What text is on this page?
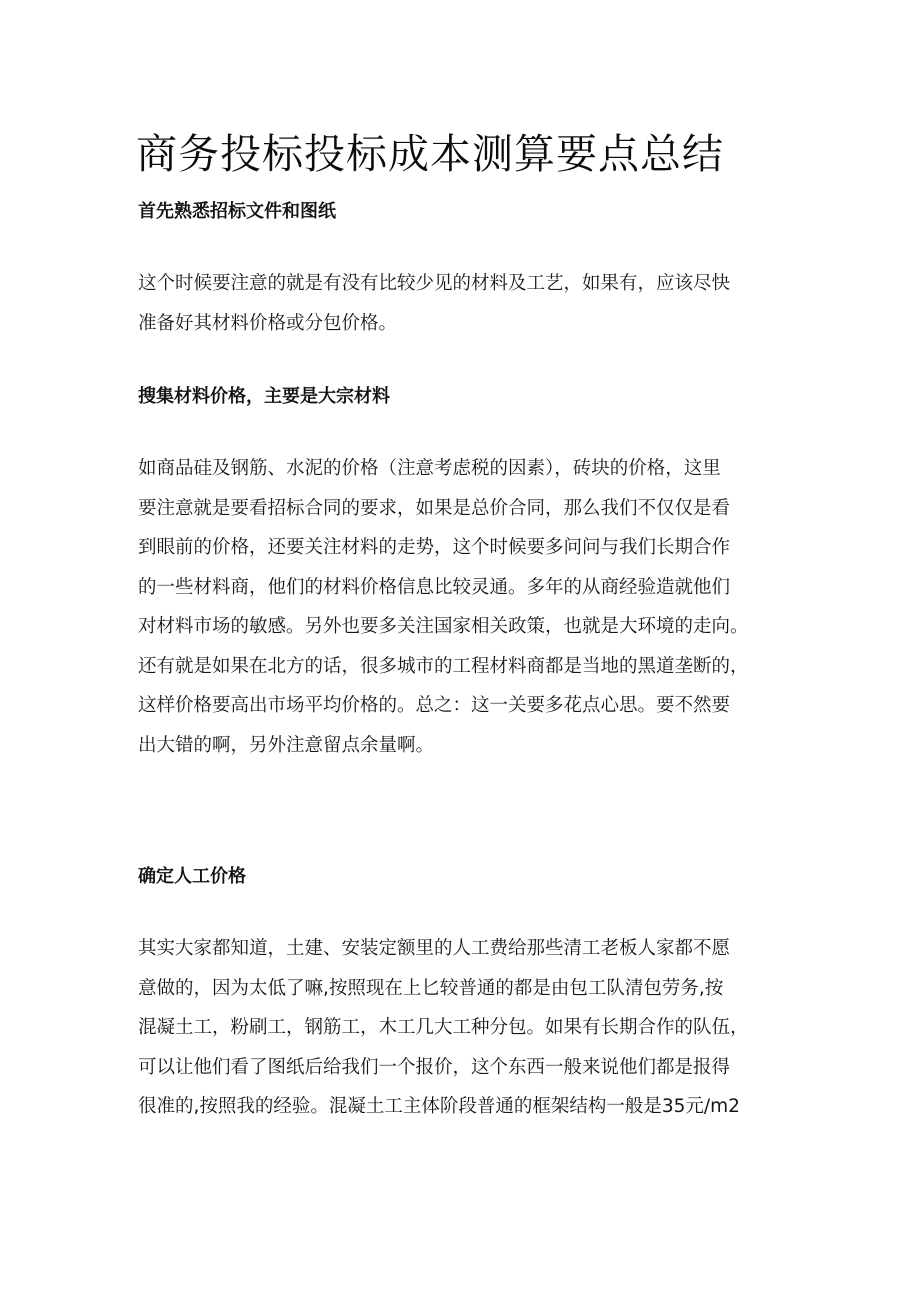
商务投标投标成本测算要点总结
首先熟悉招标文件和图纸
这个时候要注意的就是有没有比较少见的材料及工艺，如果有，应该尽快
准备好其材料价格或分包价格。
搜集材料价格，主要是大宗材料
如商品硅及钢筋、水泥的价格（注意考虑税的因素），砖块的价格，这里
要注意就是要看招标合同的要求，如果是总价合同，那么我们不仅仅是看
到眼前的价格，还要关注材料的走势，这个时候要多问问与我们长期合作
的一些材料商，他们的材料价格信息比较灵通。多年的从商经验造就他们
对材料市场的敏感。另外也要多关注国家相关政策，也就是大环境的走向。
还有就是如果在北方的话，很多城市的工程材料商都是当地的黑道垄断的，
这样价格要高出市场平均价格的。总之：这一关要多花点心思。要不然要
出大错的啊，另外注意留点余量啊。
确定人工价格
其实大家都知道，土建、安装定额里的人工费给那些清工老板人家都不愿
意做的，因为太低了嘛,按照现在上匕较普通的都是由包工队清包劳务,按
混凝土工，粉刷工，钢筋工，木工几大工种分包。如果有长期合作的队伍，
可以让他们看了图纸后给我们一个报价，这个东西一般来说他们都是报得
很准的,按照我的经验。混凝土工主体阶段普通的框架结构一般是35元/m2
